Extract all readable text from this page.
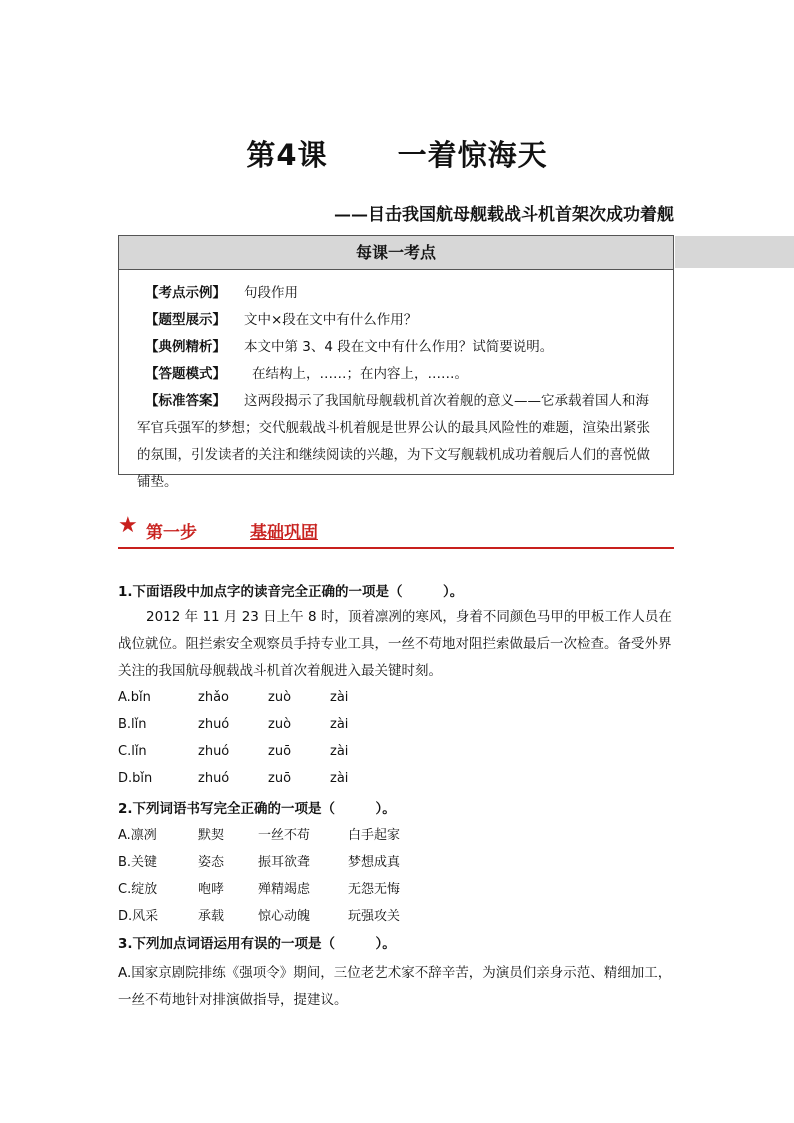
第4课 一着惊海天
——目击我国航母舰载战斗机首架次成功着舰
每课一考点
【考点示例】 句段作用
【题型展示】 文中×段在文中有什么作用？
【典例精析】 本文中第 3、4 段在文中有什么作用？试简要说明。
【答题模式】 在结构上，……；在内容上，……。
【标准答案】 这两段揭示了我国航母舰载机首次着舰的意义——它承载着国人和海军官兵强军的梦想；交代舰载战斗机着舰是世界公认的最具风险性的难题，渲染出紧张的氛围，引发读者的关注和继续阅读的兴趣，为下文写舰载机成功着舰后人们的喜悦做铺垫。
★ 第一步	基础巩固
1.下面语段中加点字的读音完全正确的一项是（　　　）。
2012 年 11 月 23 日上午 8 时，顶着凛冽的寒风，身着不同颜色马甲的甲板工作人员在战位就位。阻拦索安全观察员手持专业工具，一丝不苟地对阻拦索做最后一次检查。备受外界关注的我国航母舰载战斗机首次着舰进入最关键时刻。
A.bǐn	zhǎo	zuò	zài
B.lǐn	zhuó	zuò	zài
C.lǐn	zhuó	zuō	zài
D.bǐn	zhuó	zuō	zài
2.下列词语书写完全正确的一项是（　　　）。
A.凛冽	默契	一丝不苟	白手起家
B.关键	姿态	振耳欲聋	梦想成真
C.绽放	咆哮	殚精竭虑	无怨无悔
D.风采	承载	惊心动魄	玩强攻关
3.下列加点词语运用有误的一项是（　　　）。
A.国家京剧院排练《强项令》期间，三位老艺术家不辞辛苦，为演员们亲身示范、精细加工，一丝不苟地针对排演做指导，提建议。
